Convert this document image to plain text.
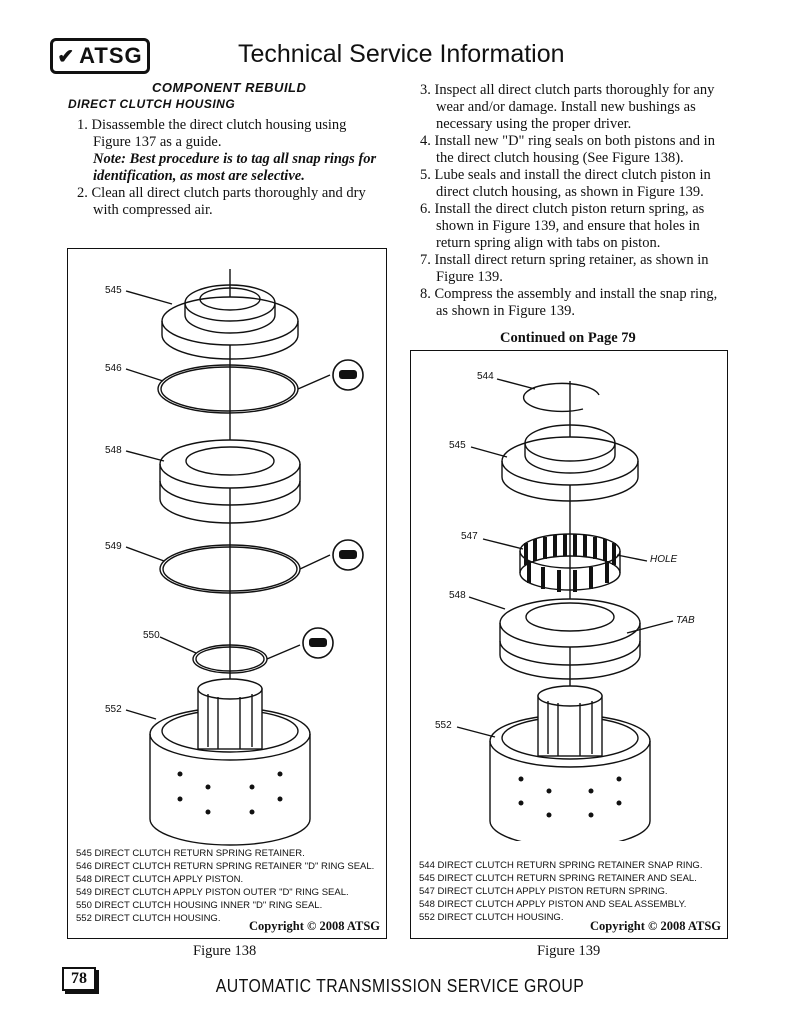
✔ ATSG	Technical Service Information
COMPONENT REBUILD
DIRECT CLUTCH HOUSING

1. Disassemble the direct clutch housing using Figure 137 as a guide.

Note: Best procedure is to tag all snap rings for identification, as most are selective.

2. Clean all direct clutch parts thoroughly and dry with compressed air.

3. Inspect all direct clutch parts thoroughly for any wear and/or damage. Install new bushings as necessary using the proper driver.

4. Install new "D" ring seals on both pistons and in the direct clutch housing (See Figure 138).

5. Lube seals and install the direct clutch piston in direct clutch housing, as shown in Figure 139.

6. Install the direct clutch piston return spring, as shown in Figure 139, and ensure that holes in return spring align with tabs on piston.

7. Install direct return spring retainer, as shown in Figure 139.

8. Compress the assembly and install the snap ring, as shown in Figure 139.

Continued on Page 79
545
546
548
549
550
552
545 DIRECT CLUTCH RETURN SPRING RETAINER.
546 DIRECT CLUTCH RETURN SPRING RETAINER "D" RING SEAL.
548 DIRECT CLUTCH APPLY PISTON.
549 DIRECT CLUTCH APPLY PISTON OUTER "D" RING SEAL.
550 DIRECT CLUTCH HOUSING INNER "D" RING SEAL.
552 DIRECT CLUTCH HOUSING.
Copyright © 2008 ATSG
Figure 138
544
545
547
548
552
HOLE
TAB
544 DIRECT CLUTCH RETURN SPRING RETAINER SNAP RING.
545 DIRECT CLUTCH RETURN SPRING RETAINER AND SEAL.
547 DIRECT CLUTCH APPLY PISTON RETURN SPRING.
548 DIRECT CLUTCH APPLY PISTON AND SEAL ASSEMBLY.
552 DIRECT CLUTCH HOUSING.
Copyright © 2008 ATSG
Figure 139
78	AUTOMATIC TRANSMISSION SERVICE GROUP
